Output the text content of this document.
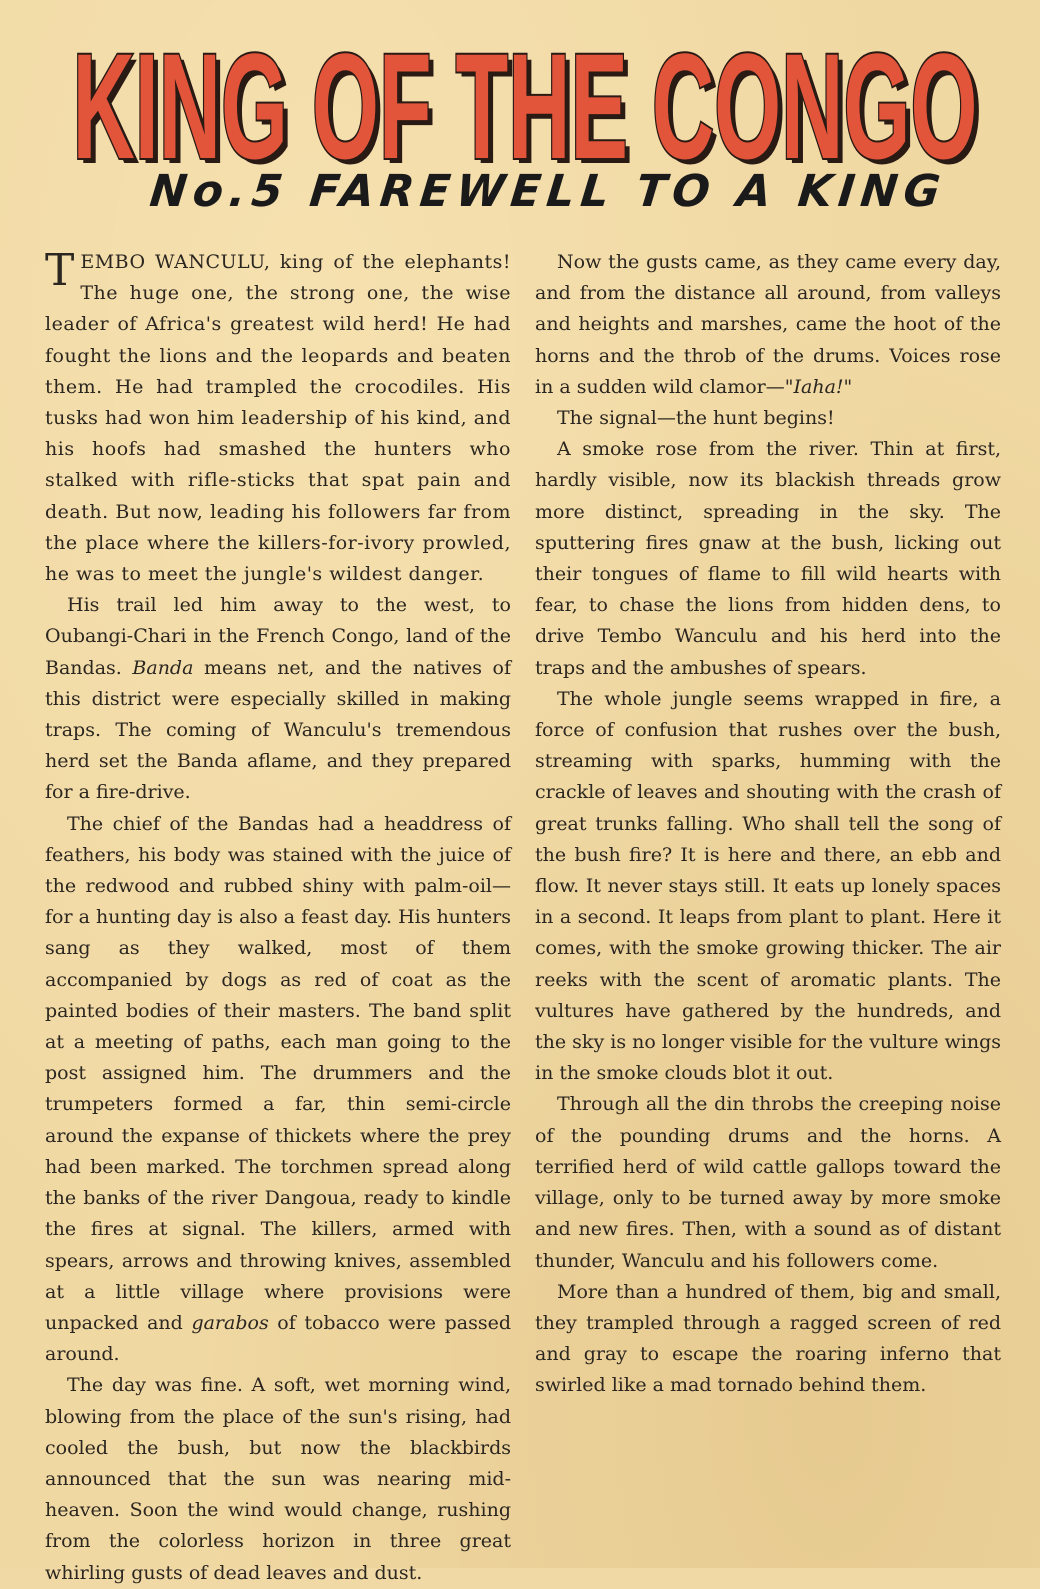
KING OF THE CONGO
KING OF THE CONGO
No.5 FAREWELL TO A KING

TEMBO WANCULU, king of the elephants! The huge one, the strong one, the wise leader of Africa's greatest wild herd! He had fought the lions and the leopards and beaten them. He had trampled the crocodiles. His tusks had won him leadership of his kind, and his hoofs had smashed the hunters who stalked with rifle-sticks that spat pain and death. But now, leading his followers far from the place where the killers-for-ivory prowled, he was to meet the jungle's wildest danger.

His trail led him away to the west, to Oubangi-Chari in the French Congo, land of the Bandas. Banda means net, and the natives of this district were especially skilled in making traps. The coming of Wanculu's tremendous herd set the Banda aflame, and they prepared for a fire-drive.

The chief of the Bandas had a headdress of feathers, his body was stained with the juice of the redwood and rubbed shiny with palm-oil—for a hunting day is also a feast day. His hunters sang as they walked, most of them accompanied by dogs as red of coat as the painted bodies of their masters. The band split at a meeting of paths, each man going to the post assigned him. The drummers and the trumpeters formed a far, thin semi-circle around the expanse of thickets where the prey had been marked. The torchmen spread along the banks of the river Dangoua, ready to kindle the fires at signal. The killers, armed with spears, arrows and throwing knives, assembled at a little village where provisions were unpacked and garabos of tobacco were passed around.

The day was fine. A soft, wet morning wind, blowing from the place of the sun's rising, had cooled the bush, but now the blackbirds announced that the sun was nearing mid-heaven. Soon the wind would change, rushing from the colorless horizon in three great whirling gusts of dead leaves and dust.

Now the gusts came, as they came every day, and from the distance all around, from valleys and heights and marshes, came the hoot of the horns and the throb of the drums. Voices rose in a sudden wild clamor—"Iaha!"

The signal—the hunt begins!

A smoke rose from the river. Thin at first, hardly visible, now its blackish threads grow more distinct, spreading in the sky. The sputtering fires gnaw at the bush, licking out their tongues of flame to fill wild hearts with fear, to chase the lions from hidden dens, to drive Tembo Wanculu and his herd into the traps and the ambushes of spears.

The whole jungle seems wrapped in fire, a force of confusion that rushes over the bush, streaming with sparks, humming with the crackle of leaves and shouting with the crash of great trunks falling. Who shall tell the song of the bush fire? It is here and there, an ebb and flow. It never stays still. It eats up lonely spaces in a second. It leaps from plant to plant. Here it comes, with the smoke growing thicker. The air reeks with the scent of aromatic plants. The vultures have gathered by the hundreds, and the sky is no longer visible for the vulture wings in the smoke clouds blot it out.

Through all the din throbs the creeping noise of the pounding drums and the horns. A terrified herd of wild cattle gallops toward the village, only to be turned away by more smoke and new fires. Then, with a sound as of distant thunder, Wanculu and his followers come.

More than a hundred of them, big and small, they trampled through a ragged screen of red and gray to escape the roaring inferno that swirled like a mad tornado behind them.
